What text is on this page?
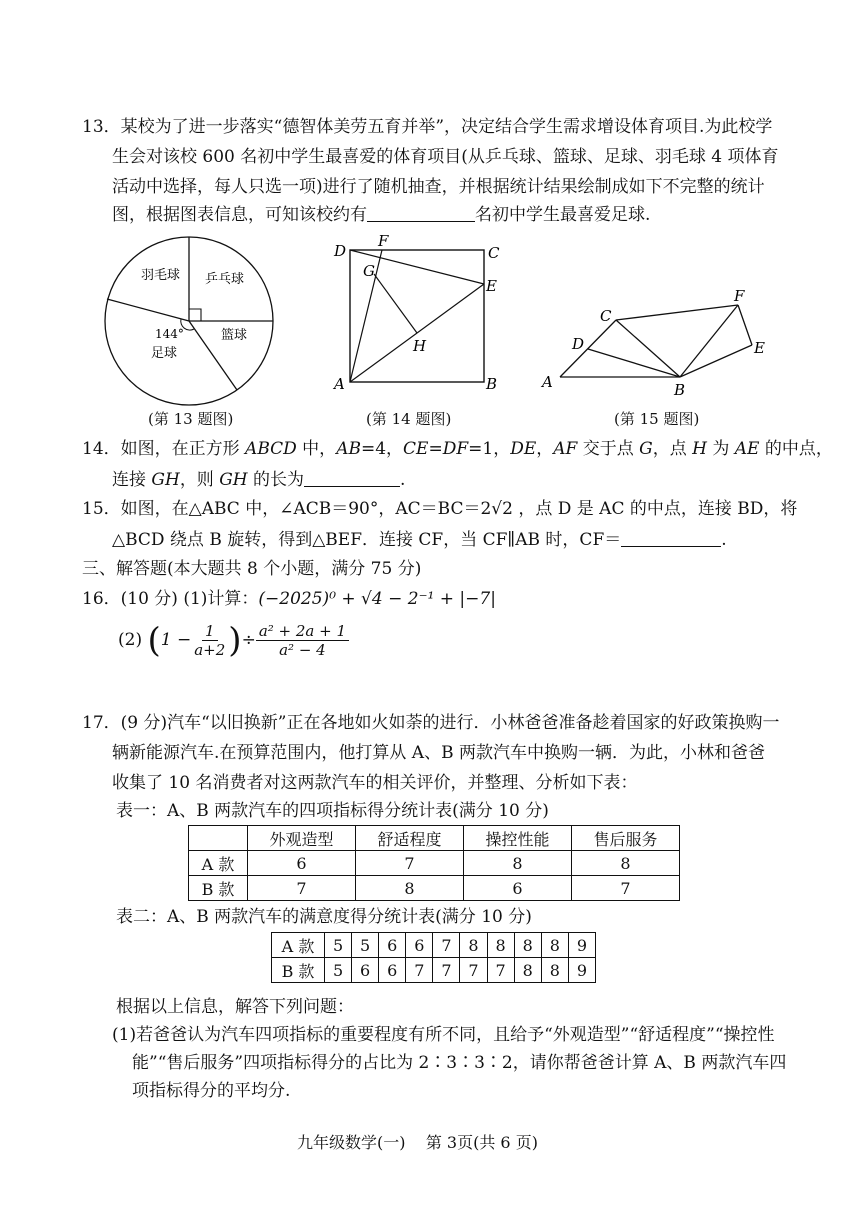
13．某校为了进一步落实“德智体美劳五育并举”，决定结合学生需求增设体育项目.为此校学
生会对该校 600 名初中学生最喜爱的体育项目(从乒乓球、篮球、足球、羽毛球 4 项体育
活动中选择，每人只选一项)进行了随机抽查，并根据统计结果绘制成如下不完整的统计
图，根据图表信息，可知该校约有	名初中学生最喜爱足球.
羽毛球 乒乓球
篮球
144°
足球
(第 13 题图)
D
F
C
G
E
H
A	B
(第 14 题图)
A
D
C
F
E
B
(第 15 题图)
14．如图，在正方形 ABCD 中，AB=4，CE=DF=1，DE，AF 交于点 G，点 H 为 AE 的中点，
连接 GH，则 GH 的长为	.
15．如图，在△ABC 中，∠ACB＝90°，AC＝BC＝2√2 ，点 D 是 AC 的中点，连接 BD，将
△BCD 绕点 B 旋转，得到△BEF．连接 CF，当 CF∥AB 时，CF＝	.
三、解答题(本大题共 8 个小题，满分 75 分)
16．(10 分) (1)计算：(−2025)⁰ + √4 − 2⁻¹ + |−7|
(2) ($1 - \frac{1}{a+2}$ )÷ $\frac{\text{a² + 2a + 1}}{\text{a² − 4}}$
17．(9 分)汽车“以旧换新”正在各地如火如荼的进行．小林爸爸准备趁着国家的好政策换购一
辆新能源汽车.在预算范围内，他打算从 A、B 两款汽车中换购一辆．为此，小林和爸爸
收集了 10 名消费者对这两款汽车的相关评价，并整理、分析如下表：
表一：A、B 两款汽车的四项指标得分统计表(满分 10 分)
	外观造型	舒适程度	操控性能	售后服务
A 款	6	7	8	8
B 款	7	8	6	7
表二：A、B 两款汽车的满意度得分统计表(满分 10 分)
A 款	5	5	6	6	7	8	8	8	8	9
B 款	5	6	6	7	7	7	7	8	8	9
根据以上信息，解答下列问题：
(1)若爸爸认为汽车四项指标的重要程度有所不同，且给予“外观造型”“舒适程度”“操控性
能”“售后服务”四项指标得分的占比为 2∶3∶3∶2，请你帮爸爸计算 A、B 两款汽车四
项指标得分的平均分.
九年级数学(一)    第 3页(共 6 页)
